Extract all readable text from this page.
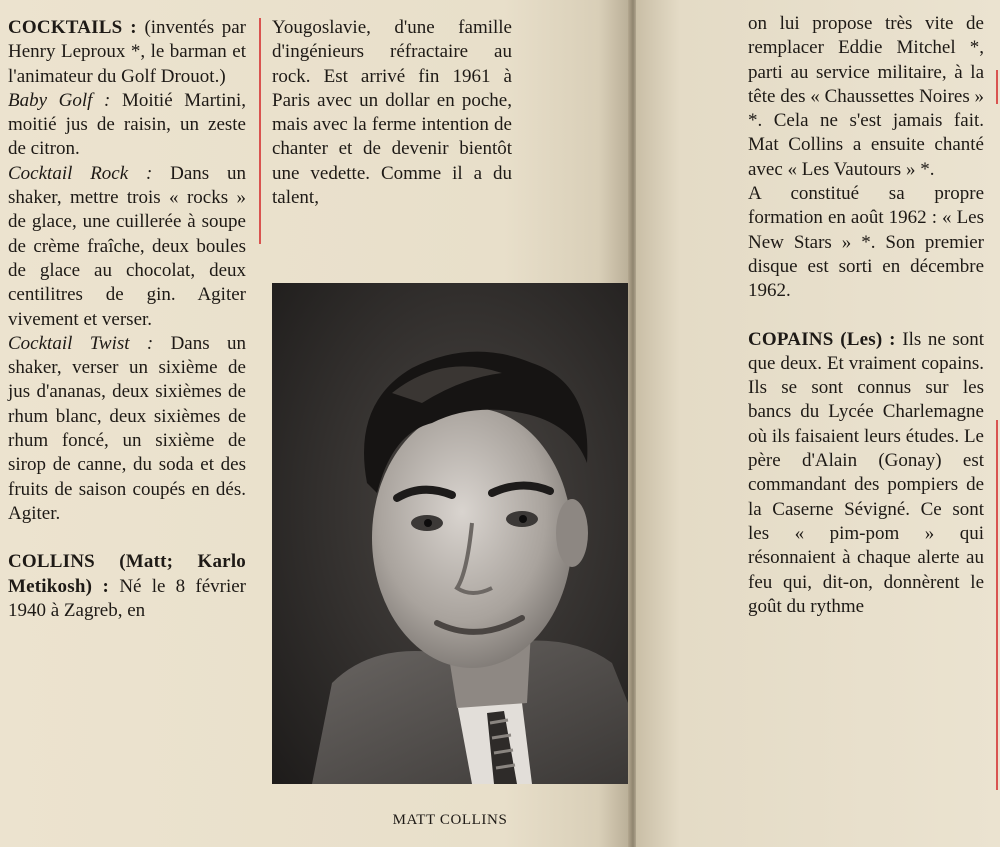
COCKTAILS : (inventés par Henry Leproux *, le barman et l'animateur du Golf Drouot.)

Baby Golf : Moitié Martini, moitié jus de raisin, un zeste de citron.

Cocktail Rock : Dans un shaker, mettre trois « rocks » de glace, une cuillerée à soupe de crème fraîche, deux boules de glace au chocolat, deux centilitres de gin. Agiter vivement et verser.

Cocktail Twist : Dans un shaker, verser un sixième de jus d'ananas, deux sixièmes de rhum blanc, deux sixièmes de rhum foncé, un sixième de sirop de canne, du soda et des fruits de saison coupés en dés. Agiter.

COLLINS (Matt; Karlo Metikosh) : Né le 8 février 1940 à Zagreb, en

Yougoslavie, d'une famille d'ingénieurs réfractaire au rock. Est arrivé fin 1961 à Paris avec un dollar en poche, mais avec la ferme intention de chanter et de devenir bientôt une vedette. Comme il a du talent,

MATT COLLINS

on lui propose très vite de remplacer Eddie Mitchel *, parti au service militaire, à la tête des « Chaussettes Noires » *. Cela ne s'est jamais fait. Mat Collins a ensuite chanté avec « Les Vautours » *.

A constitué sa propre formation en août 1962 : « Les New Stars » *. Son premier disque est sorti en décembre 1962.

COPAINS (Les) : Ils ne sont que deux. Et vraiment copains. Ils se sont connus sur les bancs du Lycée Charlemagne où ils faisaient leurs études. Le père d'Alain (Gonay) est commandant des pompiers de la Caserne Sévigné. Ce sont les « pim-pom » qui résonnaient à chaque alerte au feu qui, dit-on, donnèrent le goût du rythme
